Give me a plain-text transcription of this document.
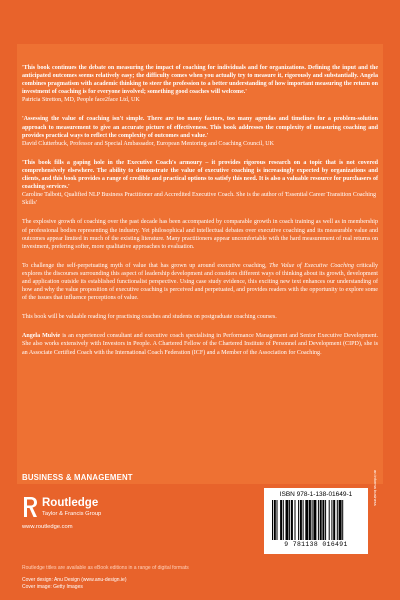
'This book continues the debate on measuring the impact of coaching for individuals and for organizations. Defining the input and the anticipated outcomes seems relatively easy; the difficulty comes when you actually try to measure it, rigorously and substantially. Angela combines pragmatism with academic thinking to steer the profession to a better understanding of how important measuring the return on investment of coaching is for everyone involved; something good coaches will welcome.'

Patricia Stretton, MD, People face2face Ltd, UK

'Assessing the value of coaching isn't simple. There are too many factors, too many agendas and timelines for a problem-solution approach to measurement to give an accurate picture of effectiveness. This book addresses the complexity of measuring coaching and provides practical ways to reflect the complexity of outcomes and value.'

David Clutterbuck, Professor and Special Ambassador, European Mentoring and Coaching Council, UK

'This book fills a gaping hole in the Executive Coach's armoury – it provides rigorous research on a topic that is not covered comprehensively elsewhere. The ability to demonstrate the value of executive coaching is increasingly expected by organizations and clients, and this book provides a range of credible and practical options to satisfy this need. It is also a valuable resource for purchasers of coaching services.'

Caroline Talbott, Qualified NLP Business Practitioner and Accredited Executive Coach. She is the author of 'Essential Career Transition Coaching Skills'

The explosive growth of coaching over the past decade has been accompanied by comparable growth in coach training as well as in membership of professional bodies representing the industry. Yet philosophical and intellectual debates over executive coaching and its measurable value and outcomes appear limited in much of the existing literature. Many practitioners appear uncomfortable with the hard measurement of real returns on investment, prefering softer, more qualitative approaches to evaluation.

To challenge the self-perpetuating myth of value that has grown up around executive coaching, The Value of Executive Coaching critically explores the discourses surrounding this aspect of leadership development and considers different ways of thinking about its growth, development and application outside its established functionalist perspective. Using case study evidence, this exciting new text enhances our understanding of how and why the value proposition of executive coaching is perceived and perpetuated, and provides readers with the opportunity to explore some of the issues that influence perceptions of value.

This book will be valuable reading for practising coaches and students on postgraduate coaching courses.

Angela Mulvie is an experienced consultant and executive coach specialising in Performance Management and Senior Executive Development. She also works extensively with Investors in People. A Chartered Fellow of the Chartered Institute of Personnel and Development (CIPD), she is an Associate Certified Coach with the International Coach Federation (ICF) and a Member of the Association for Coaching.

BUSINESS & MANAGEMENT
Routledge
Taylor & Francis Group
www.routledge.com
Routledge titles are available as eBook editions in a range of digital formats
Cover design: Anu Design (www.anu-design.ie)
Cover image: Getty Images
ISBN 978-1-138-01649-1
9 781138 016491
an informa business
